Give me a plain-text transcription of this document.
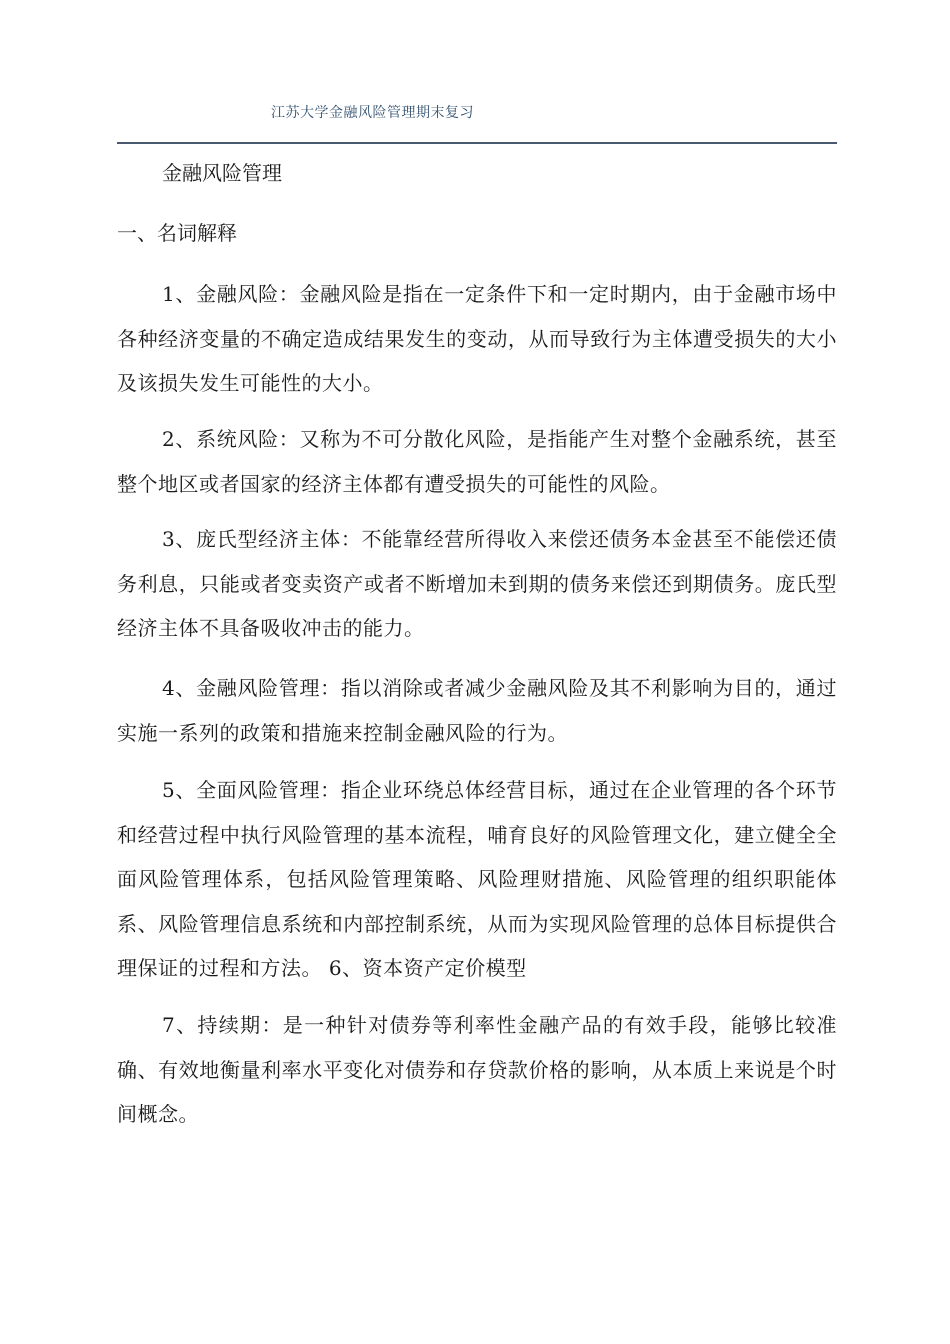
江苏大学金融风险管理期末复习
金融风险管理
一、名词解释

1、金融风险：金融风险是指在一定条件下和一定时期内，由于金融市场中各种经济变量的不确定造成结果发生的变动，从而导致行为主体遭受损失的大小及该损失发生可能性的大小。

2、系统风险：又称为不可分散化风险，是指能产生对整个金融系统，甚至整个地区或者国家的经济主体都有遭受损失的可能性的风险。

3、庞氏型经济主体：不能靠经营所得收入来偿还债务本金甚至不能偿还债务利息，只能或者变卖资产或者不断增加未到期的债务来偿还到期债务。庞氏型经济主体不具备吸收冲击的能力。

4、金融风险管理：指以消除或者减少金融风险及其不利影响为目的，通过实施一系列的政策和措施来控制金融风险的行为。

5、全面风险管理：指企业环绕总体经营目标，通过在企业管理的各个环节和经营过程中执行风险管理的基本流程，哺育良好的风险管理文化，建立健全全面风险管理体系，包括风险管理策略、风险理财措施、风险管理的组织职能体系、风险管理信息系统和内部控制系统，从而为实现风险管理的总体目标提供合理保证的过程和方法。 6、资本资产定价模型

7、持续期：是一种针对债券等利率性金融产品的有效手段，能够比较准确、有效地衡量利率水平变化对债券和存贷款价格的影响，从本质上来说是个时间概念。
